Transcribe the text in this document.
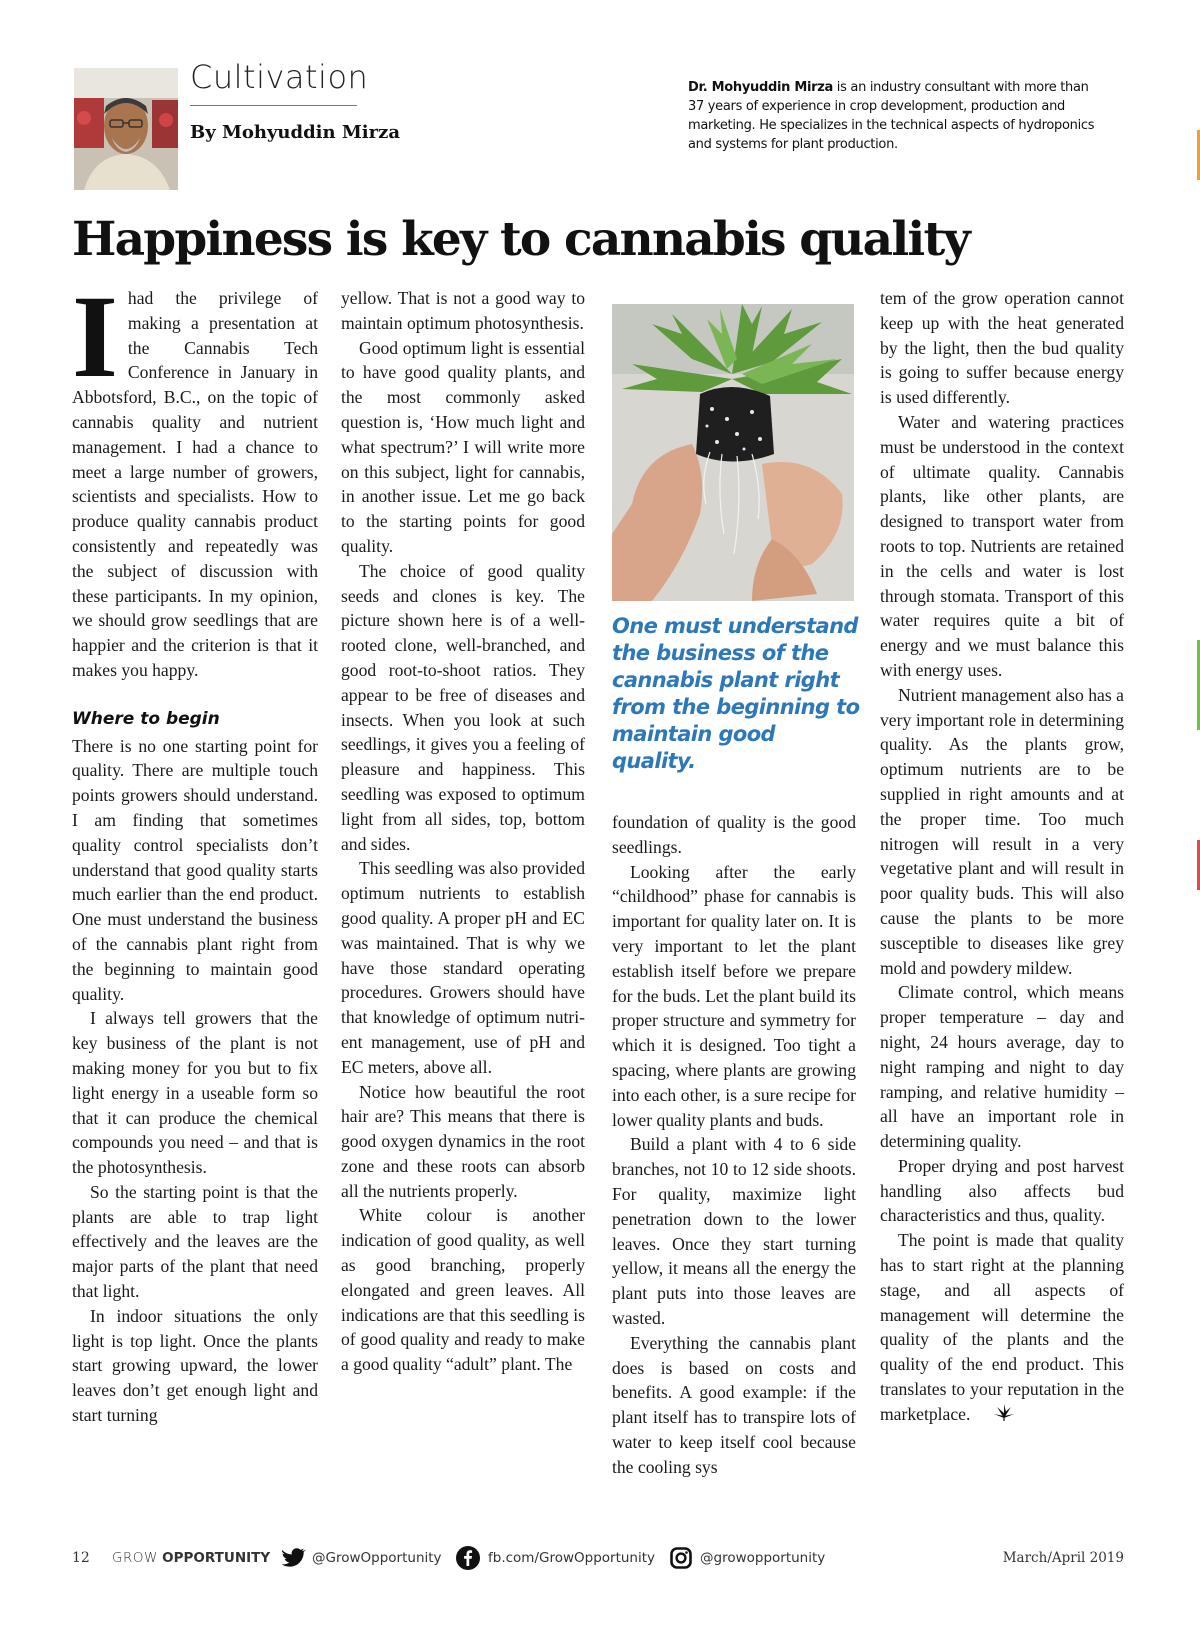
Cultivation
By Mohyuddin Mirza
Dr. Mohyuddin Mirza is an industry consultant with more than 37 years of experience in crop development, production and marketing. He specializes in the technical aspects of hydroponics and systems for plant production.
Happiness is key to cannabis quality
I had the privilege of making a presentation at the Cannabis Tech Conference in January in Abbotsford, B.C., on the topic of cannabis quality and nutrient management. I had a chance to meet a large number of growers, scientists and specialists. How to produce quality cannabis product consistently and repeatedly was the subject of discussion with these participants. In my opinion, we should grow seedlings that are happier and the criterion is that it makes you happy.

Where to begin

There is no one starting point for quality. There are multiple touch points growers should understand. I am finding that sometimes quality control specialists don’t understand that good quality starts much earlier than the end product. One must understand the business of the cannabis plant right from the beginning to maintain good quality.

I always tell growers that the key business of the plant is not making money for you but to fix light energy in a useable form so that it can produce the chemical compounds you need – and that is the photosynthesis.

So the starting point is that the plants are able to trap light effectively and the leaves are the major parts of the plant that need that light.

In indoor situations the only light is top light. Once the plants start growing upward, the lower leaves don’t get enough light and start turning

yellow. That is not a good way to maintain optimum photosynthesis.

Good optimum light is essential to have good quality plants, and the most commonly asked question is, ‘How much light and what spectrum?’ I will write more on this subject, light for cannabis, in another issue. Let me go back to the starting points for good quality.

The choice of good quality seeds and clones is key. The picture shown here is of a well-rooted clone, well-branched, and good root-to-shoot ratios. They appear to be free of diseases and insects. When you look at such seedlings, it gives you a feeling of pleasure and happiness. This seedling was exposed to optimum light from all sides, top, bottom and sides.

This seedling was also provided optimum nutrients to establish good quality. A proper pH and EC was maintained. That is why we have those standard operating procedures. Growers should have that knowledge of optimum nutrient management, use of pH and EC meters, above all.

Notice how beautiful the root hair are? This means that there is good oxygen dynamics in the root zone and these roots can absorb all the nutrients properly.

White colour is another indication of good quality, as well as good branching, properly elongated and green leaves. All indications are that this seedling is of good quality and ready to make a good quality “adult” plant. The

One must understand the business of the cannabis plant right from the beginning to maintain good quality.

foundation of quality is the good seedlings.

Looking after the early “childhood” phase for cannabis is important for quality later on. It is very important to let the plant establish itself before we prepare for the buds. Let the plant build its proper structure and symmetry for which it is designed. Too tight a spacing, where plants are growing into each other, is a sure recipe for lower quality plants and buds.

Build a plant with 4 to 6 side branches, not 10 to 12 side shoots. For quality, maximize light penetration down to the lower leaves. Once they start turning yellow, it means all the energy the plant puts into those leaves are wasted.

Everything the cannabis plant does is based on costs and benefits. A good example: if the plant itself has to transpire lots of water to keep itself cool because the cooling sys

tem of the grow operation cannot keep up with the heat generated by the light, then the bud quality is going to suffer because energy is used differently.

Water and watering practices must be understood in the context of ultimate quality. Cannabis plants, like other plants, are designed to transport water from roots to top. Nutrients are retained in the cells and water is lost through stomata. Transport of this water requires quite a bit of energy and we must balance this with energy uses.

Nutrient management also has a very important role in determining quality. As the plants grow, optimum nutrients are to be supplied in right amounts and at the proper time. Too much nitrogen will result in a very vegetative plant and will result in poor quality buds. This will also cause the plants to be more susceptible to diseases like grey mold and powdery mildew.

Climate control, which means proper temperature – day and night, 24 hours average, day to night ramping and night to day ramping, and relative humidity – all have an important role in determining quality.

Proper drying and post harvest handling also affects bud characteristics and thus, quality.

The point is made that quality has to start right at the planning stage, and all aspects of management will determine the quality of the plants and the quality of the end product. This translates to your reputation in the marketplace.

12 GROW
OPPORTUNITY	@GrowOpportunity	fb.com/GrowOpportunity	@growopportunity	March/April 2019
